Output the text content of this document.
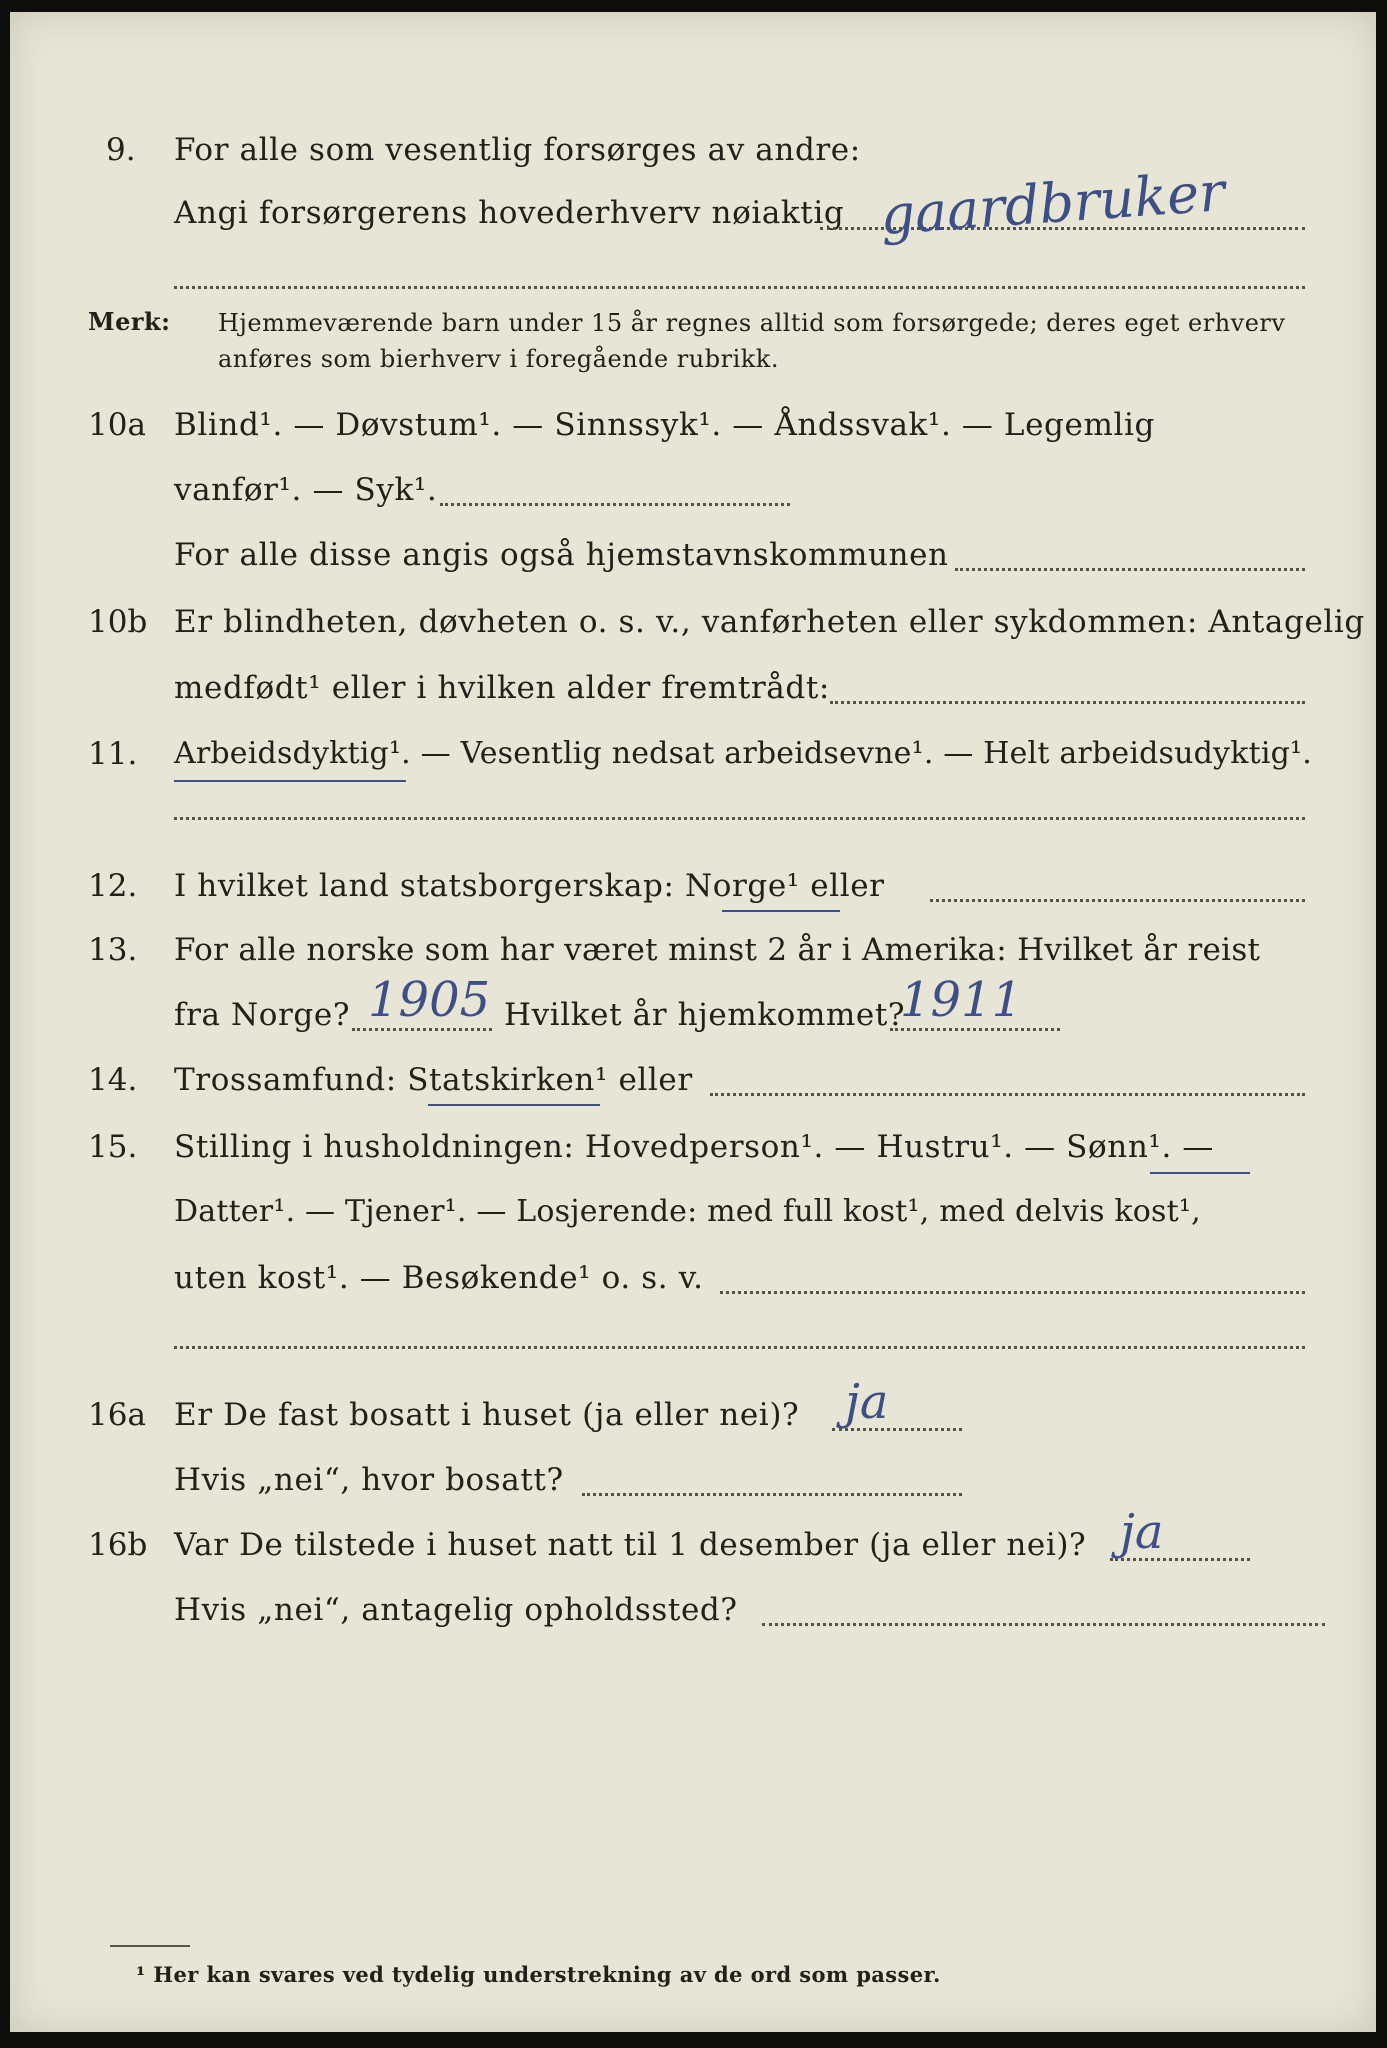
9. For alle som vesentlig forsørges av andre:
Angi forsørgerens hovederhverv nøiaktig gaardbruker
Merk: Hjemmeværende barn under 15 år regnes alltid som forsørgede; deres eget erhverv
anføres som bierhverv i foregående rubrikk.
10a Blind¹. — Døvstum¹. — Sinnssyk¹. — Åndssvak¹. — Legemlig
vanfør¹. — Syk¹.
For alle disse angis også hjemstavnskommunen
10b Er blindheten, døvheten o. s. v., vanførheten eller sykdommen: Antagelig
medfødt¹ eller i hvilken alder fremtrådt:
11. Arbeidsdyktig¹. — Vesentlig nedsat arbeidsevne¹. — Helt arbeidsudyktig¹.
12. I hvilket land statsborgerskap: Norge¹ eller
13. For alle norske som har været minst 2 år i Amerika: Hvilket år reist
fra Norge? 1905 Hvilket år hjemkommet?
1911
14. Trossamfund: Statskirken¹ eller
15. Stilling i husholdningen: Hovedperson¹. — Hustru¹. — Sønn¹. —
Datter¹. — Tjener¹. — Losjerende: med full kost¹, med delvis kost¹,
uten kost¹. — Besøkende¹ o. s. v.
16a Er De fast bosatt i huset (ja eller nei)? ja
Hvis „nei“, hvor bosatt?
16b Var De tilstede i huset natt til 1 desember (ja eller nei)? ja
Hvis „nei“, antagelig opholdssted?
¹ Her kan svares ved tydelig understrekning av de ord som passer.
